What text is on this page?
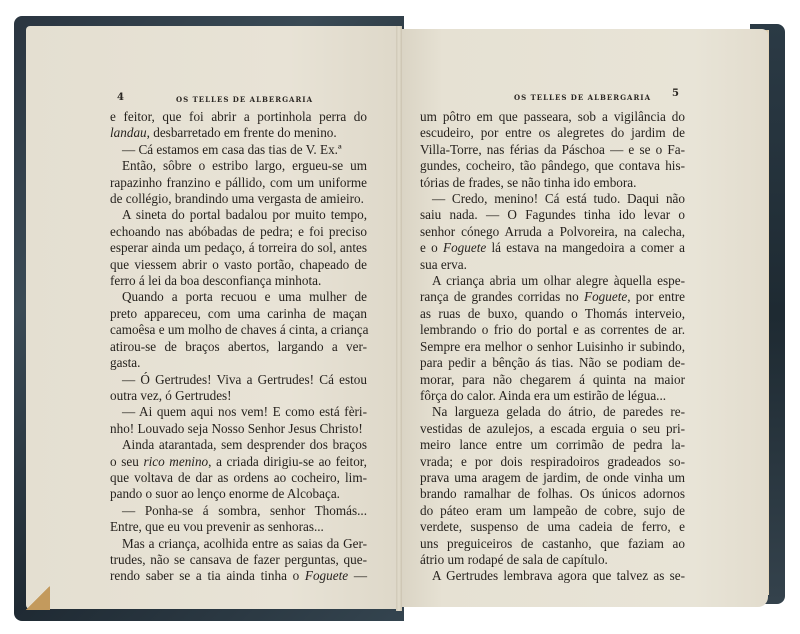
4	OS TELLES DE ALBERGARIA	OS TELLES DE ALBERGARIA 5
e feitor, que foi abrir a portinhola perra do
landau, desbarretado em frente do menino.
— Cá estamos em casa das tias de V. Ex.ª
Então, sôbre o estribo largo, ergueu-se um
rapazinho franzino e pállido, com um uniforme
de collégio, brandindo uma vergasta de amieiro.
A sineta do portal badalou por muito tempo,
echoando nas abóbadas de pedra; e foi preciso
esperar ainda um pedaço, á torreira do sol, antes
que viessem abrir o vasto portão, chapeado de
ferro á lei da boa desconfiança minhota.
Quando a porta recuou e uma mulher de
preto appareceu, com uma carinha de maçan
camoêsa e um molho de chaves á cinta, a criança
atirou-se de braços abertos, largando a ver-
gasta.
— Ó Gertrudes! Viva a Gertrudes! Cá estou
outra vez, ó Gertrudes!
— Ai quem aqui nos vem! E como está fèri-
nho! Louvado seja Nosso Senhor Jesus Christo!
Ainda atarantada, sem desprender dos braços
o seu rico menino, a criada dirigiu-se ao feitor,
que voltava de dar as ordens ao cocheiro, lim-
pando o suor ao lenço enorme de Alcobaça.
— Ponha-se á sombra, senhor Thomás...
Entre, que eu vou prevenir as senhoras...
Mas a criança, acolhida entre as saias da Ger-
trudes, não se cansava de fazer perguntas, que-
rendo saber se a tia ainda tinha o Foguete —
um pôtro em que passeara, sob a vigilância do
escudeiro, por entre os alegretes do jardim de
Villa-Torre, nas férias da Páschoa — e se o Fa-
gundes, cocheiro, tão pândego, que contava his-
tórias de frades, se não tinha ido embora.
— Credo, menino! Cá está tudo. Daqui não
saiu nada. — O Fagundes tinha ido levar o
senhor cónego Arruda a Polvoreira, na calecha,
e o Foguete lá estava na mangedoira a comer a
sua erva.
A criança abria um olhar alegre àquella espe-
rança de grandes corridas no Foguete, por entre
as ruas de buxo, quando o Thomás interveio,
lembrando o frio do portal e as correntes de ar.
Sempre era melhor o senhor Luisinho ir subindo,
para pedir a bênção ás tias. Não se podiam de-
morar, para não chegarem á quinta na maior
fôrça do calor. Ainda era um estirão de légua...
Na largueza gelada do átrio, de paredes re-
vestidas de azulejos, a escada erguia o seu pri-
meiro lance entre um corrimão de pedra la-
vrada; e por dois respiradoiros gradeados so-
prava uma aragem de jardim, de onde vinha um
brando ramalhar de folhas. Os únicos adornos
do páteo eram um lampeão de cobre, sujo de
verdete, suspenso de uma cadeia de ferro, e
uns preguiceiros de castanho, que faziam ao
átrio um rodapé de sala de capítulo.
A Gertrudes lembrava agora que talvez as se-
